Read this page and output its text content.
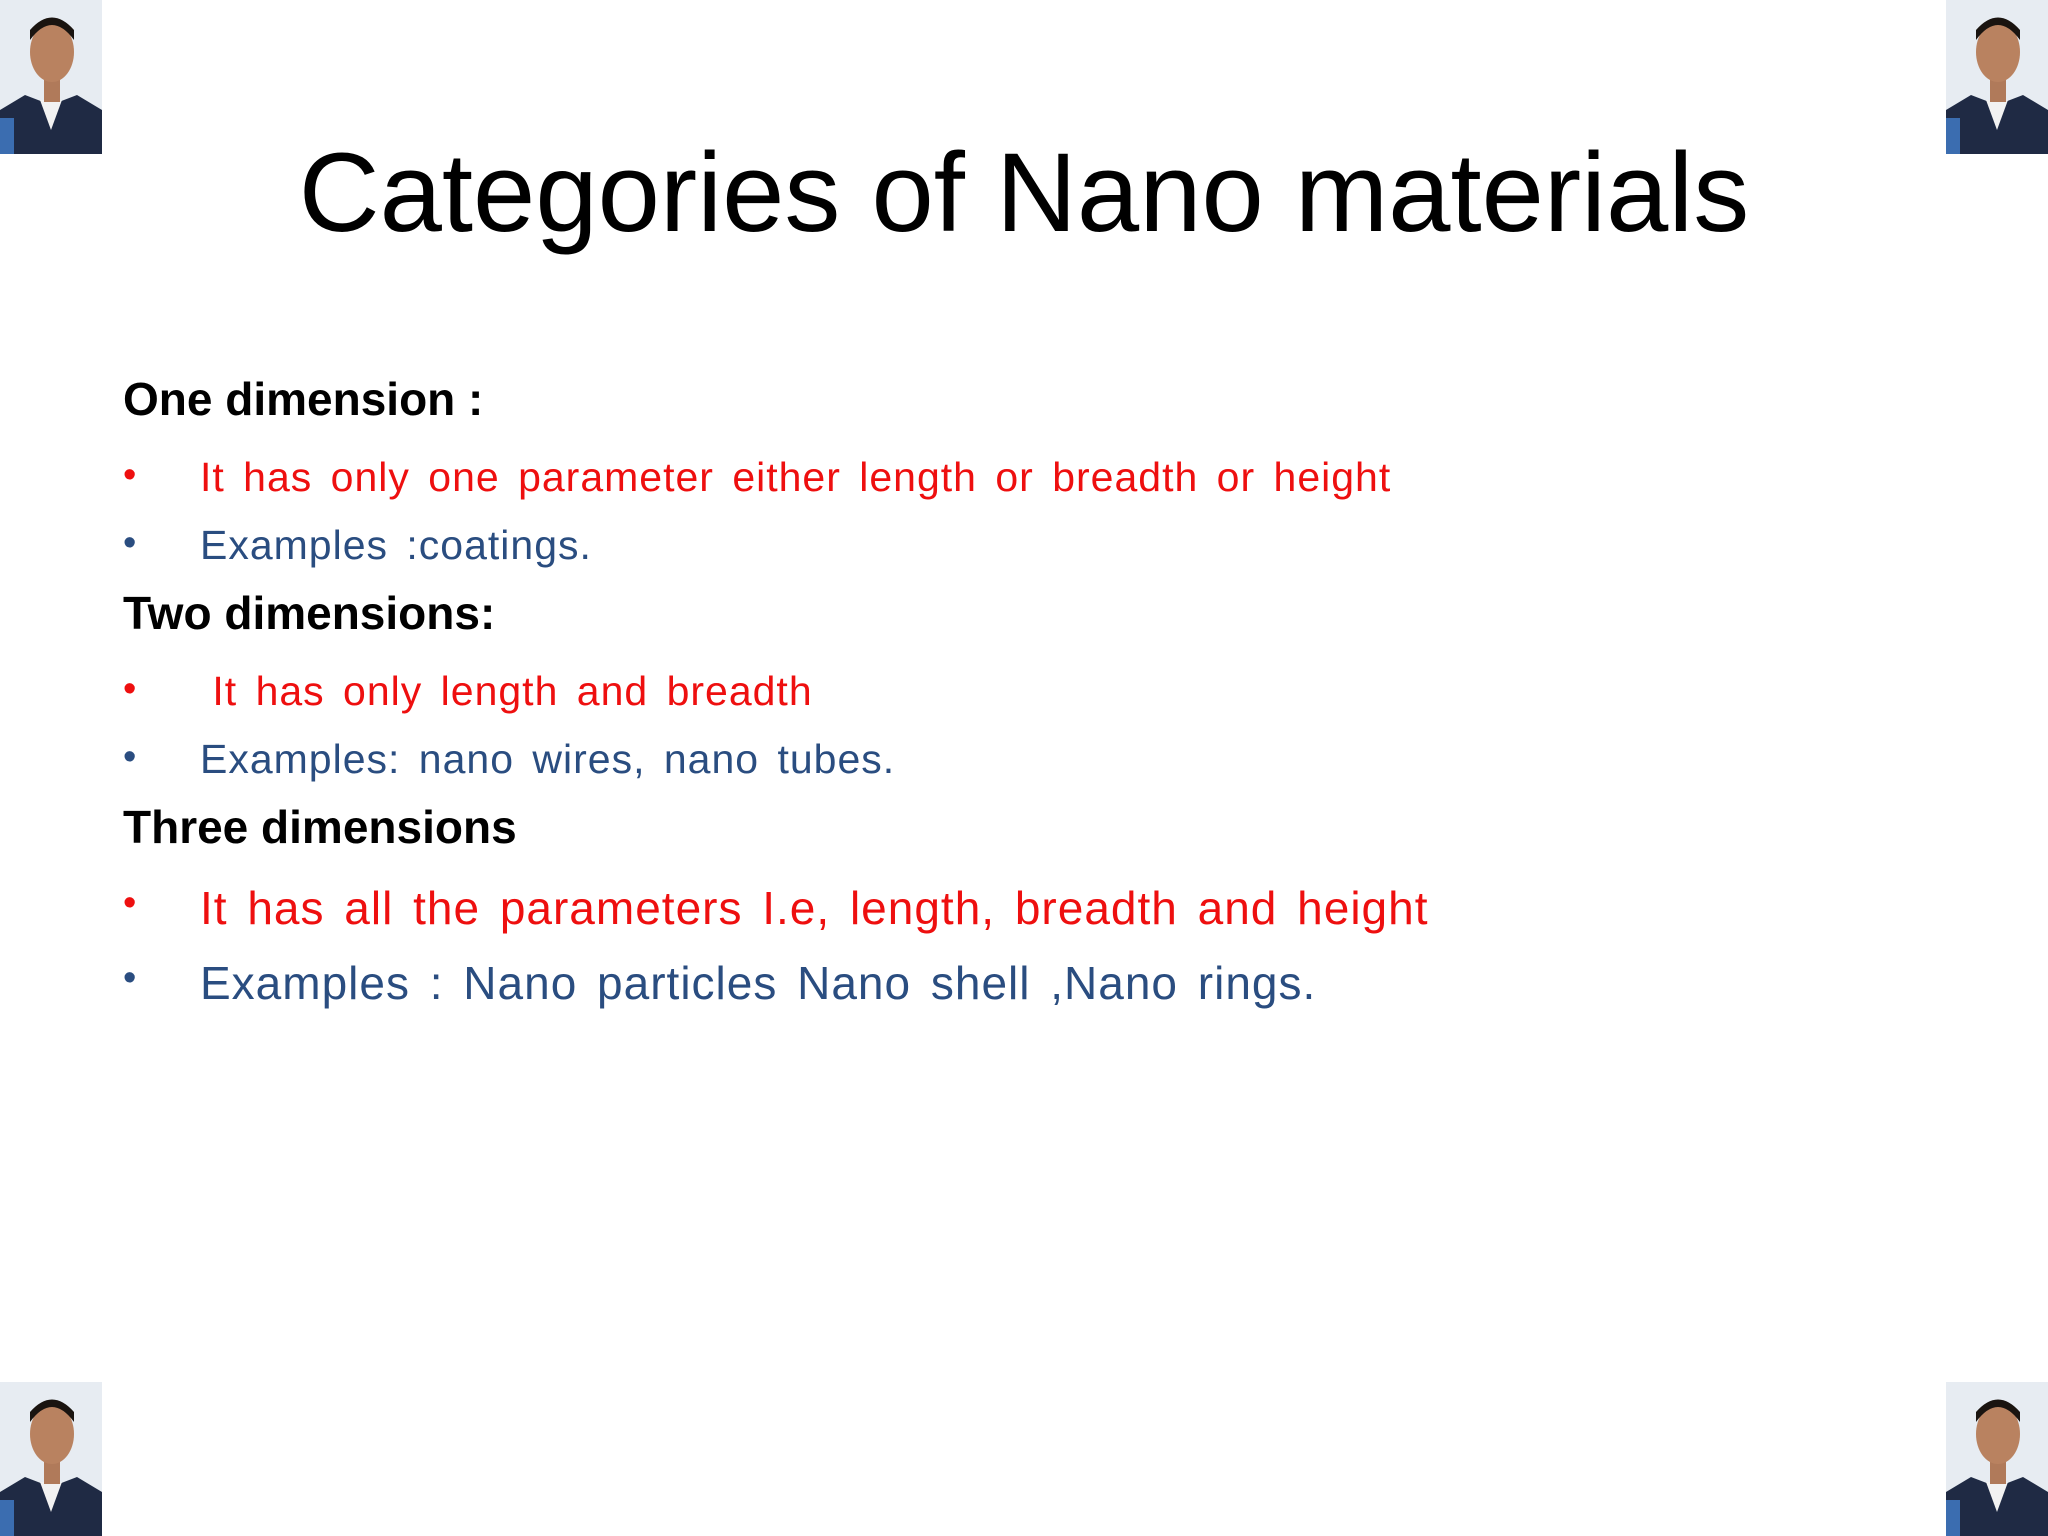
Categories of Nano materials
One dimension :
•	It has only one parameter either length or breadth or height
•	Examples :coatings.
Two dimensions:
•	It has only length and breadth
•	Examples: nano wires, nano tubes.
Three dimensions
•	It has all the parameters I.e, length, breadth and height
•	Examples : Nano particles Nano shell ,Nano rings.
